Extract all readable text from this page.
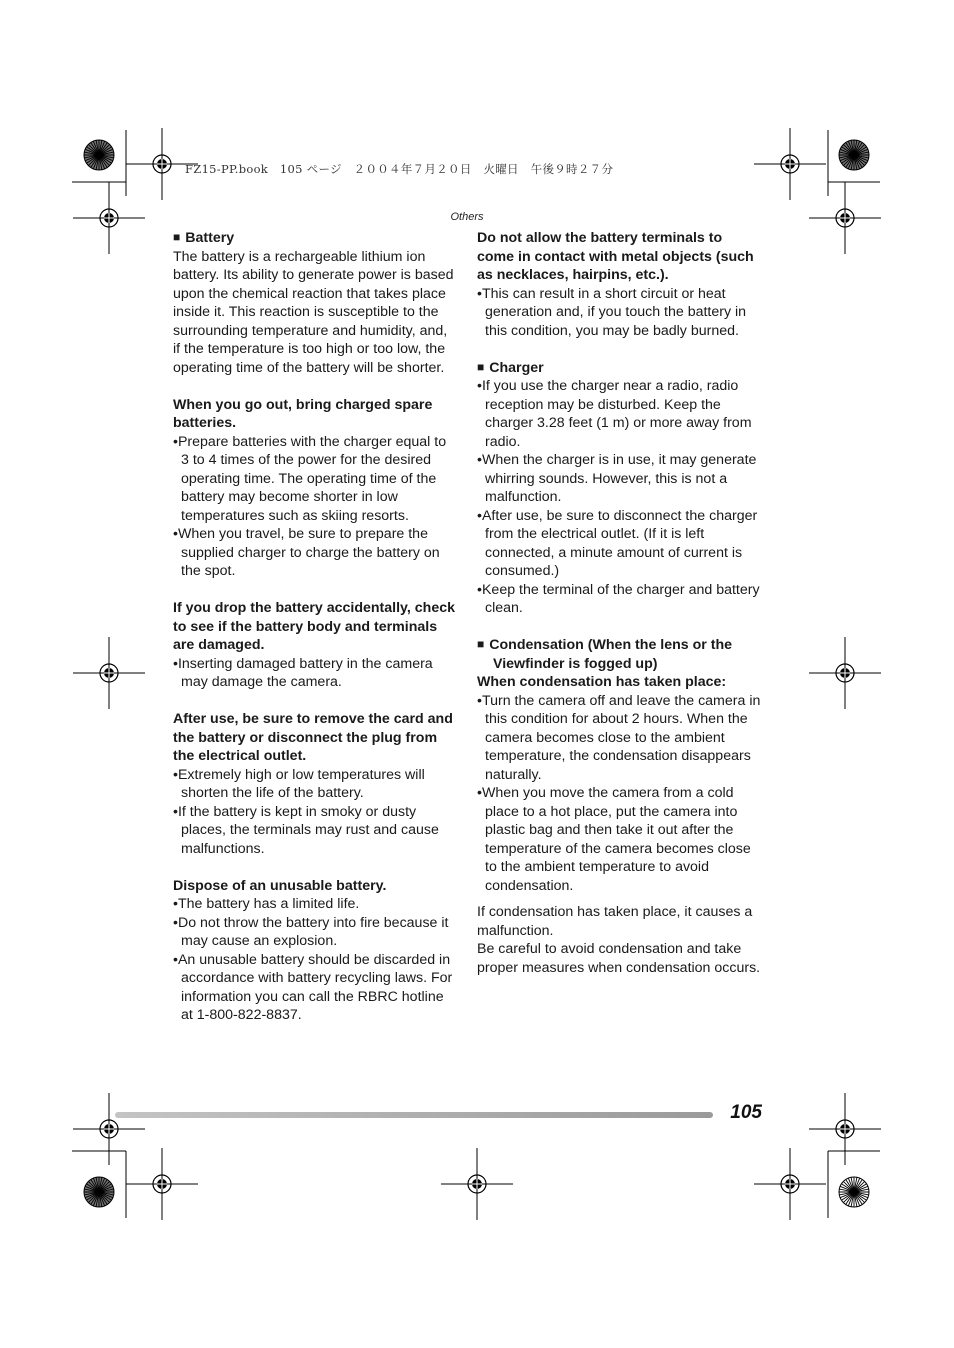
FZ15-PP.book　105 ページ　２００４年７月２０日　火曜日　午後９時２７分
Others

■ Battery

The battery is a rechargeable lithium ion battery. Its ability to generate power is based upon the chemical reaction that takes place inside it. This reaction is susceptible to the surrounding temperature and humidity, and, if the temperature is too high or too low, the operating time of the battery will be shorter.

When you go out, bring charged spare batteries.

• Prepare batteries with the charger equal to 3 to 4 times of the power for the desired operating time. The operating time of the battery may become shorter in low temperatures such as skiing resorts.

• When you travel, be sure to prepare the supplied charger to charge the battery on the spot.

If you drop the battery accidentally, check to see if the battery body and terminals are damaged.

• Inserting damaged battery in the camera may damage the camera.

After use, be sure to remove the card and the battery or disconnect the plug from the electrical outlet.

• Extremely high or low temperatures will shorten the life of the battery.

• If the battery is kept in smoky or dusty places, the terminals may rust and cause malfunctions.

Dispose of an unusable battery.

• The battery has a limited life.

• Do not throw the battery into fire because it may cause an explosion.

• An unusable battery should be discarded in accordance with battery recycling laws. For information you can call the RBRC hotline at 1-800-822-8837.

Do not allow the battery terminals to come in contact with metal objects (such as necklaces, hairpins, etc.).

• This can result in a short circuit or heat generation and, if you touch the battery in this condition, you may be badly burned.

■ Charger

• If you use the charger near a radio, radio reception may be disturbed. Keep the charger 3.28 feet (1 m) or more away from radio.

• When the charger is in use, it may generate whirring sounds. However, this is not a malfunction.

• After use, be sure to disconnect the charger from the electrical outlet. (If it is left connected, a minute amount of current is consumed.)

• Keep the terminal of the charger and battery clean.

■ Condensation (When the lens or the Viewfinder is fogged up)

When condensation has taken place:

• Turn the camera off and leave the camera in this condition for about 2 hours. When the camera becomes close to the ambient temperature, the condensation disappears naturally.

• When you move the camera from a cold place to a hot place, put the camera into plastic bag and then take it out after the temperature of the camera becomes close to the ambient temperature to avoid condensation.

If condensation has taken place, it causes a malfunction.

Be careful to avoid condensation and take proper measures when condensation occurs.

105
